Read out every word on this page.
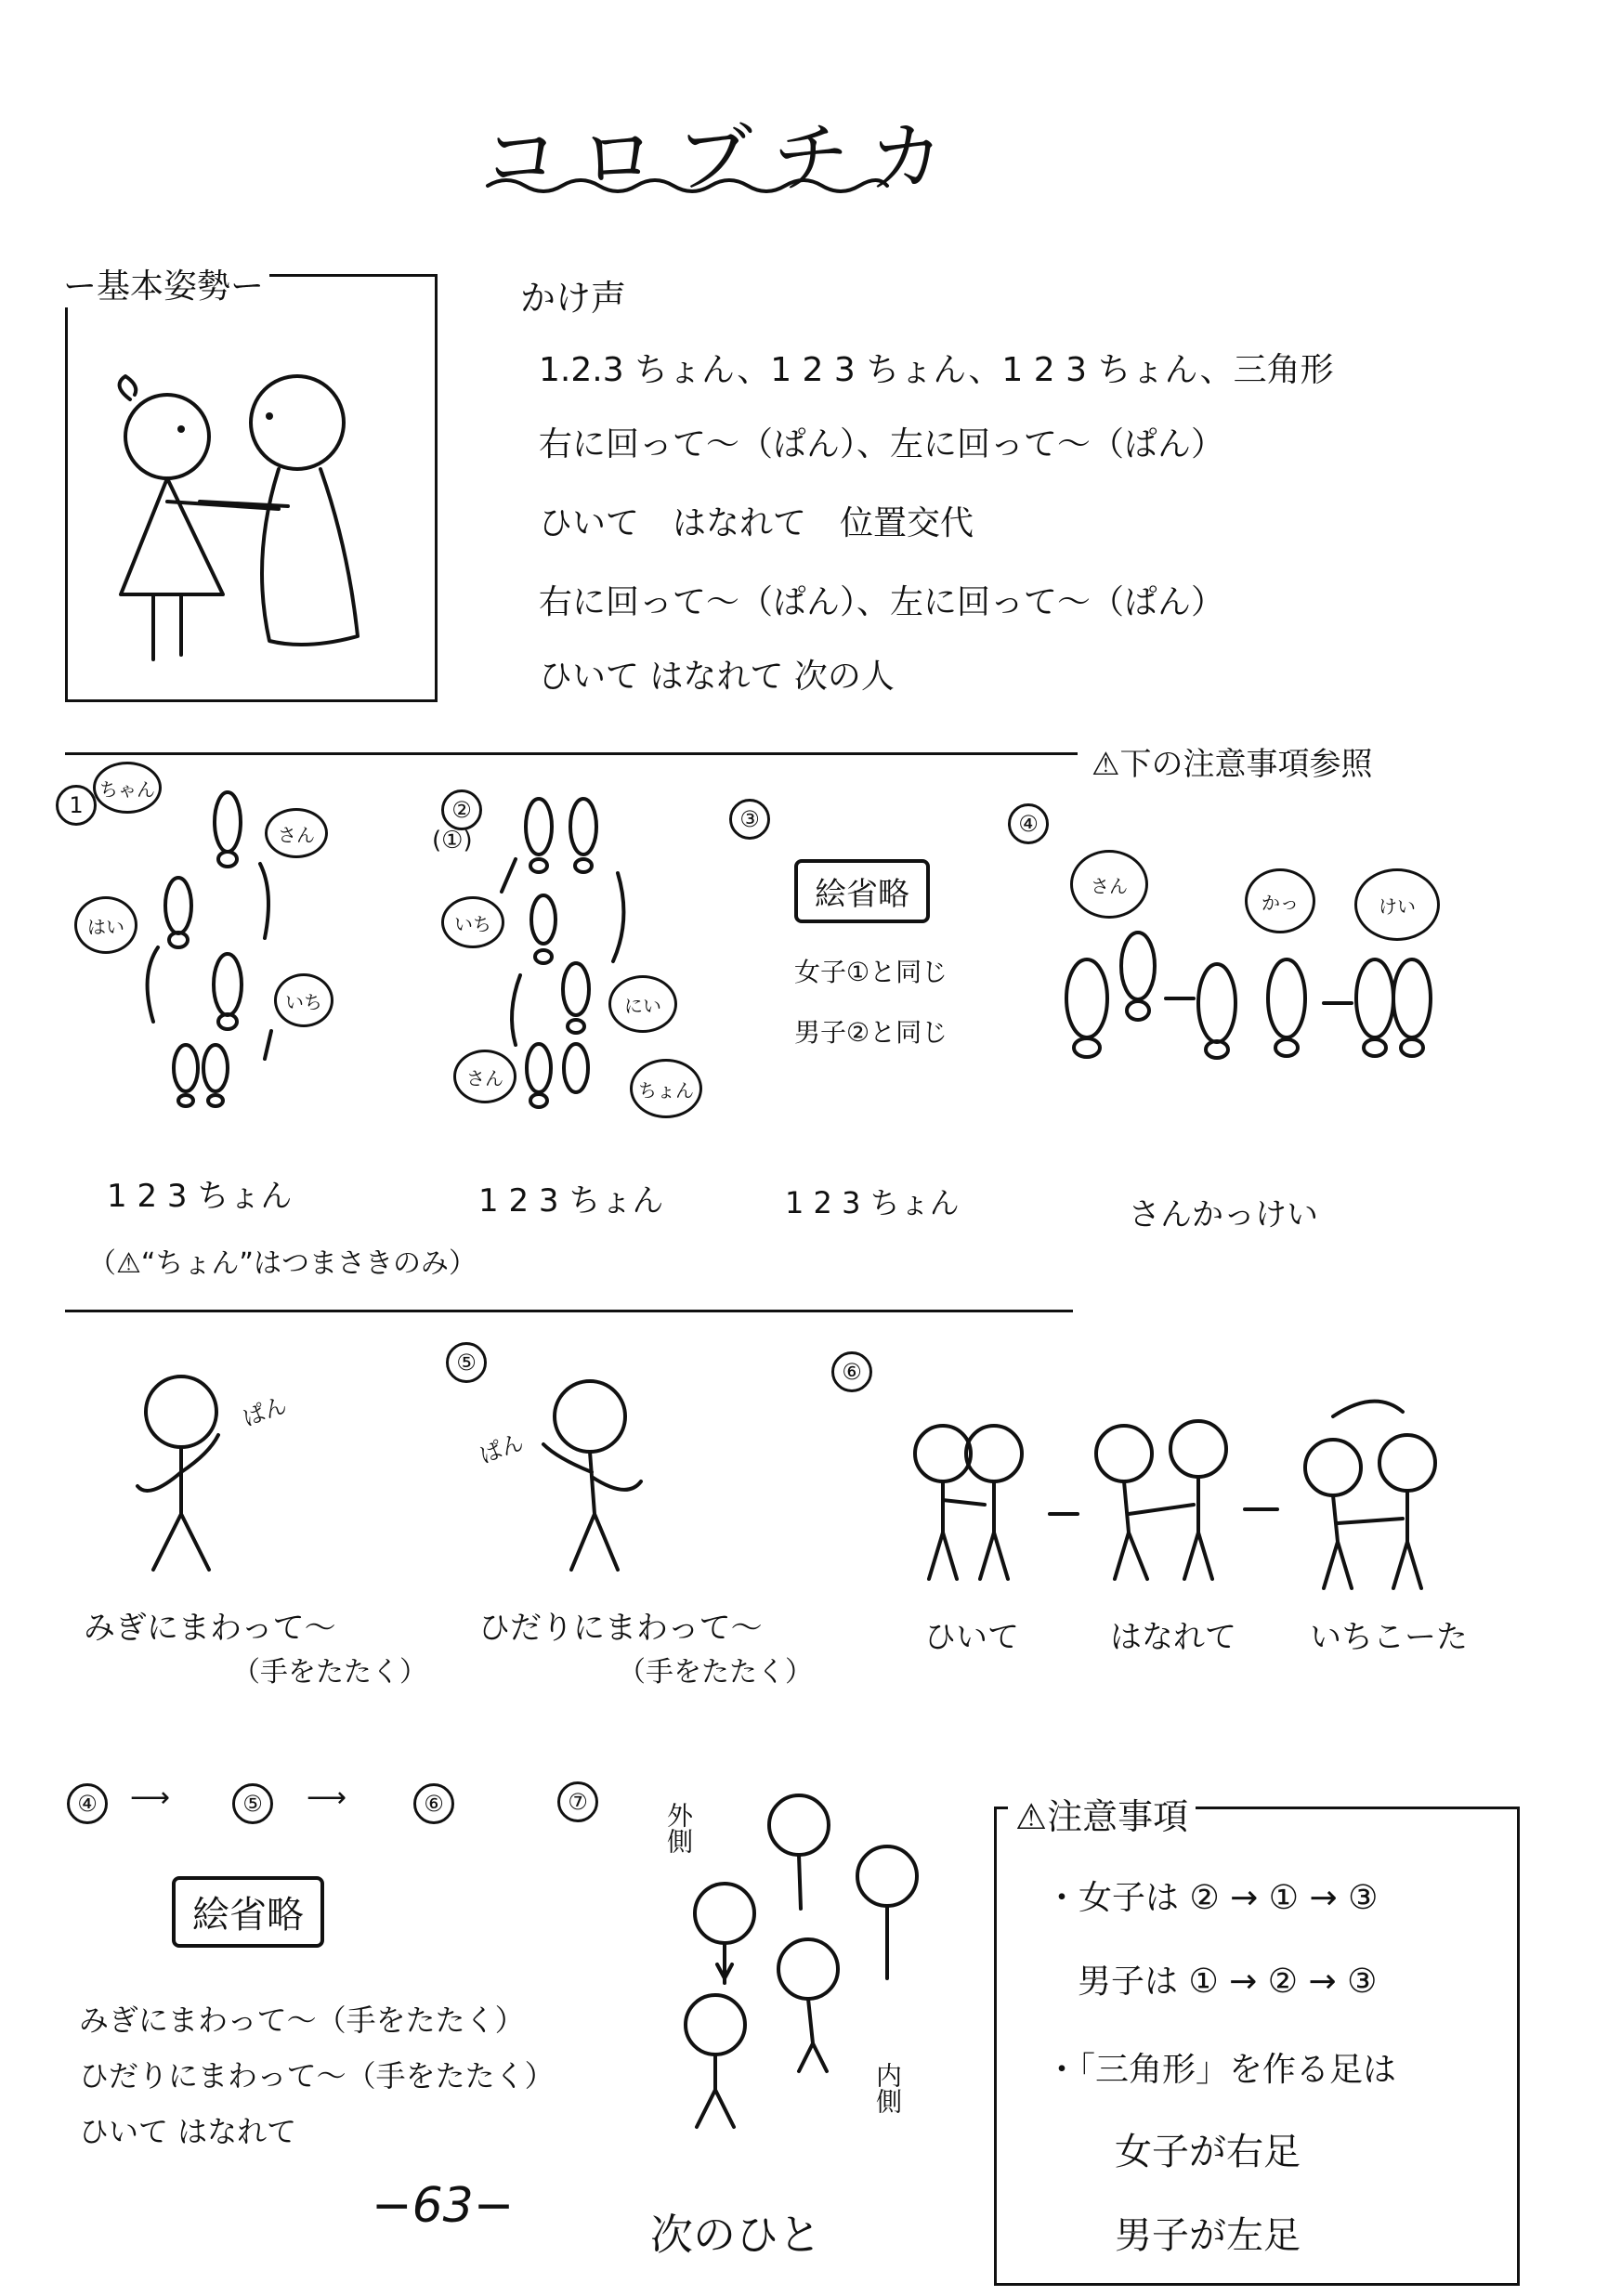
コロブチカ
ー基本姿勢ー	かけ声
1.2.3 ちょん、1 2 3 ちょん、1 2 3 ちょん、三角形
右に回って〜（ぱん）、左に回って〜（ぱん）
ひいて　はなれて　位置交代
右に回って〜（ぱん）、左に回って〜（ぱん）
ひいて はなれて 次の人
⚠下の注意事項参照
1	②
(①)
③	④
ちゃん
さん
はい
いち
いち
にい
さん
ちょん
絵省略
女子①と同じ
男子②と同じ
さん
かっ	けい
1 2 3 ちょん
（⚠“ちょん”はつまさきのみ）
1 2 3 ちょん	1 2 3 ちょん	さんかっけい
⑤	⑥
ぱん
ぱん
みぎにまわって〜
（手をたたく）
ひだりにまわって〜
（手をたたく）
ひいて	はなれて いちこーた
④	⟶	⑤	⟶	⑥	⑦
絵省略
みぎにまわって〜（手をたたく）
ひだりにまわって〜（手をたたく）
ひいて はなれて
外側
内側
次のひと
−63−
⚠注意事項
・女子は ② → ① → ③
男子は ① → ② → ③
・「三角形」を作る足は
女子が右足
男子が左足
